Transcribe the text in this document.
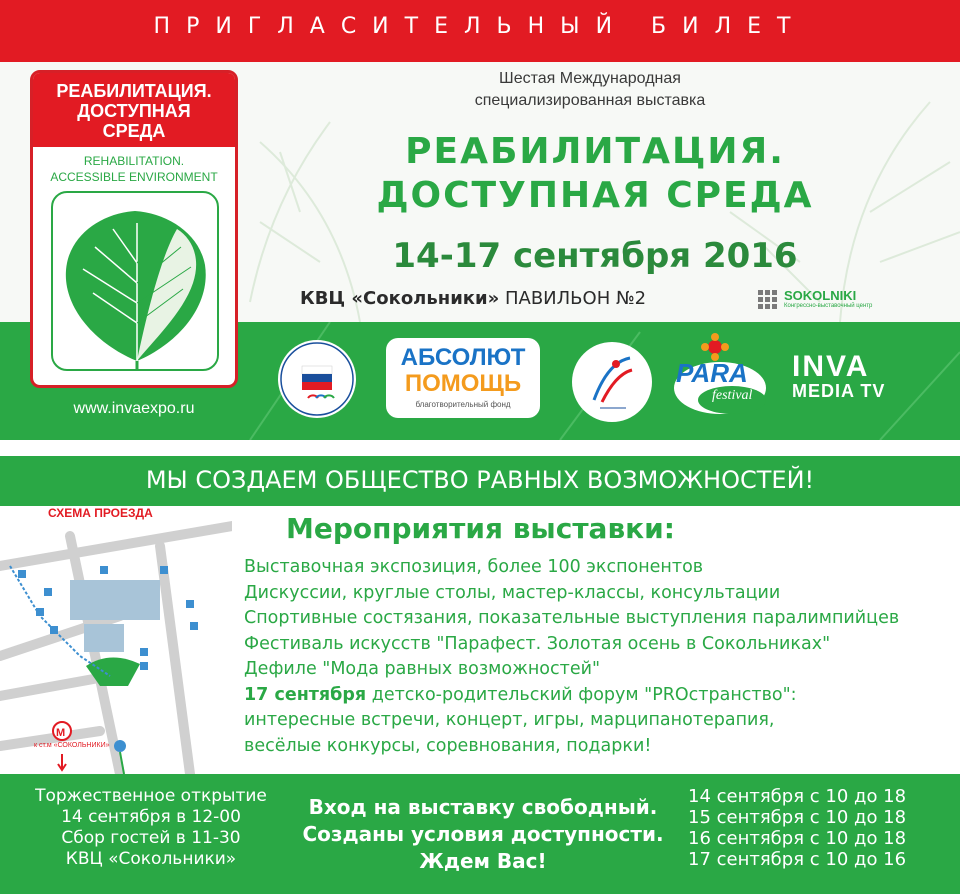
ПРИГЛАСИТЕЛЬНЫЙ БИЛЕТ
РЕАБИЛИТАЦИЯ.
ДОСТУПНАЯ
СРЕДА
REHABILITATION.
ACCESSIBLE ENVIRONMENT
www.invaexpo.ru
Шестая Международная
специализированная выставка
РЕАБИЛИТАЦИЯ.
ДОСТУПНАЯ СРЕДА
14-17 сентября 2016
КВЦ «Сокольники» ПАВИЛЬОН №2	SOKOLNIKI
Конгрессно-выставочный центр
АБСОЛЮТ
ПОМОЩЬ
благотворительный фонд
PARA
festival
INVA
MEDIA TV
МЫ СОЗДАЕМ ОБЩЕСТВО РАВНЫХ ВОЗМОЖНОСТЕЙ!
M
СХЕМА ПРОЕЗДА
к ст.м «СОКОЛЬНИКИ»
Мероприятия выставки:
Выставочная экспозиция, более 100 экспонентов
Дискуссии, круглые столы, мастер-классы, консультации
Спортивные состязания, показательные выступления паралимпийцев
Фестиваль искусств "Парафест. Золотая осень в Сокольниках"
Дефиле "Мода равных возможностей"
17 сентября детско-родительский форум "PROстранство":
интересные встречи, концерт, игры, марципанотерапия,
весёлые конкурсы, соревнования, подарки!
Торжественное открытие
14 сентября в 12-00
Сбор гостей в 11-30
КВЦ «Сокольники»
Вход на выставку свободный.
Созданы условия доступности.
Ждем Вас!
14 сентября с 10 до 18
15 сентября с 10 до 18
16 сентября с 10 до 18
17 сентября с 10 до 16
